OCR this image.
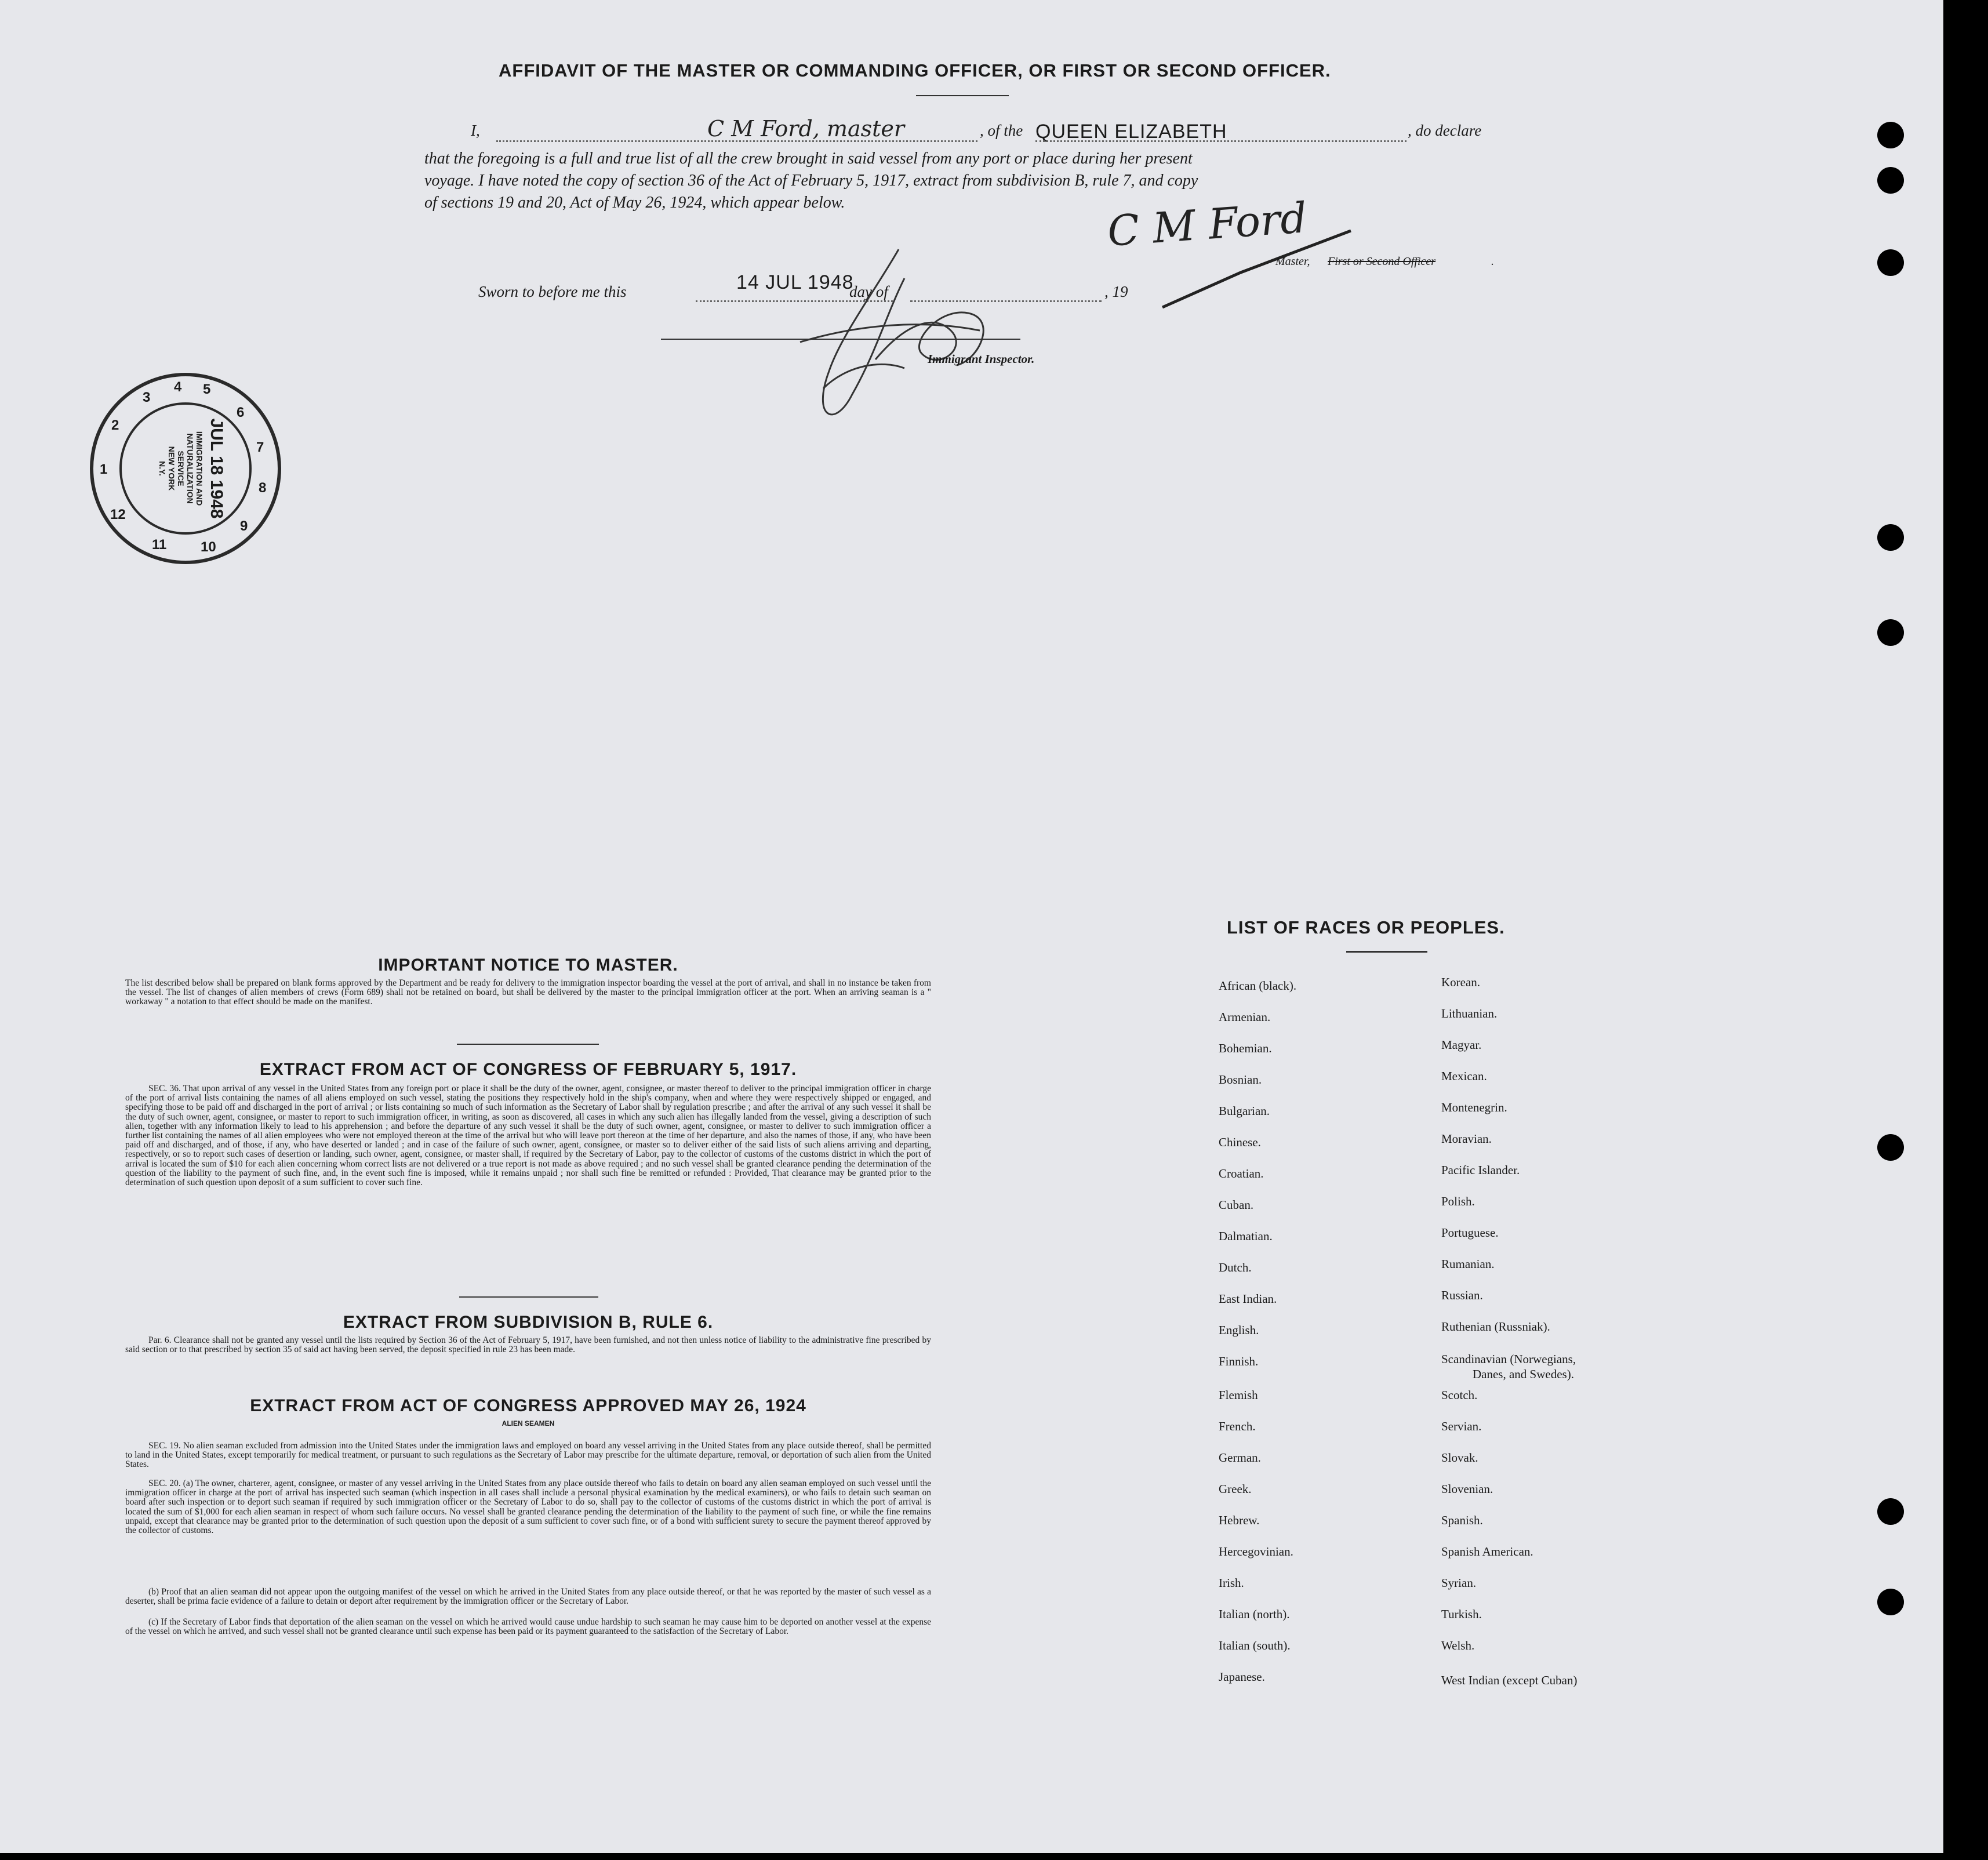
AFFIDAVIT OF THE MASTER OR COMMANDING OFFICER, OR FIRST OR SECOND OFFICER.
I,	C M Ford, master	, of the QUEEN ELIZABETH	, do declare
that the foregoing is a full and true list of all the crew brought in said vessel from any port or place during her present
voyage. I have noted the copy of section 36 of the Act of February 5, 1917, extract from subdivision B, rule 7, and copy
of sections 19 and 20, Act of May 26, 1924, which appear below.	C M Ford
Master, First or Second Officer	.
Sworn to before me this	14 JUL 1948
day of	, 19
Immigrant Inspector.
5
6
7
8
9
10
11
12
1
2
3
4
JUL 18 1948
IMMIGRATION AND
NATURALIZATION
SERVICE
NEW YORK
N.Y.
IMPORTANT NOTICE TO MASTER.
The list described below shall be prepared on blank forms approved by the Department and be ready for delivery to the immigration inspector boarding the vessel at the port of arrival, and shall in no instance be taken from the vessel. The list of changes of alien members of crews (Form 689) shall not be retained on board, but shall be delivered by the master to the principal immigration officer at the port. When an arriving seaman is a " workaway " a notation to that effect should be made on the manifest.
EXTRACT FROM ACT OF CONGRESS OF FEBRUARY 5, 1917.
SEC. 36. That upon arrival of any vessel in the United States from any foreign port or place it shall be the duty of the owner, agent, consignee, or master thereof to deliver to the principal immigration officer in charge of the port of arrival lists containing the names of all aliens employed on such vessel, stating the positions they respectively hold in the ship's company, when and where they were respectively shipped or engaged, and specifying those to be paid off and discharged in the port of arrival ; or lists containing so much of such information as the Secretary of Labor shall by regulation prescribe ; and after the arrival of any such vessel it shall be the duty of such owner, agent, consignee, or master to report to such immigration officer, in writing, as soon as discovered, all cases in which any such alien has illegally landed from the vessel, giving a description of such alien, together with any information likely to lead to his apprehension ; and before the departure of any such vessel it shall be the duty of such owner, agent, consignee, or master to deliver to such immigration officer a further list containing the names of all alien employees who were not employed thereon at the time of the arrival but who will leave port thereon at the time of her departure, and also the names of those, if any, who have been paid off and discharged, and of those, if any, who have deserted or landed ; and in case of the failure of such owner, agent, consignee, or master so to deliver either of the said lists of such aliens arriving and departing, respectively, or so to report such cases of desertion or landing, such owner, agent, consignee, or master shall, if required by the Secretary of Labor, pay to the collector of customs of the customs district in which the port of arrival is located the sum of $10 for each alien concerning whom correct lists are not delivered or a true report is not made as above required ; and no such vessel shall be granted clearance pending the determination of the question of the liability to the payment of such fine, and, in the event such fine is imposed, while it remains unpaid ; nor shall such fine be remitted or refunded : Provided, That clearance may be granted prior to the determination of such question upon deposit of a sum sufficient to cover such fine.
EXTRACT FROM SUBDIVISION B, RULE 6.
Par. 6. Clearance shall not be granted any vessel until the lists required by Section 36 of the Act of February 5, 1917, have been furnished, and not then unless notice of liability to the administrative fine prescribed by said section or to that prescribed by section 35 of said act having been served, the deposit specified in rule 23 has been made.
EXTRACT FROM ACT OF CONGRESS APPROVED MAY 26, 1924
ALIEN SEAMEN
SEC. 19. No alien seaman excluded from admission into the United States under the immigration laws and employed on board any vessel arriving in the United States from any place outside thereof, shall be permitted to land in the United States, except temporarily for medical treatment, or pursuant to such regulations as the Secretary of Labor may prescribe for the ultimate departure, removal, or deportation of such alien from the United States.
SEC. 20. (a) The owner, charterer, agent, consignee, or master of any vessel arriving in the United States from any place outside thereof who fails to detain on board any alien seaman employed on such vessel until the immigration officer in charge at the port of arrival has inspected such seaman (which inspection in all cases shall include a personal physical examination by the medical examiners), or who fails to detain such seaman on board after such inspection or to deport such seaman if required by such immigration officer or the Secretary of Labor to do so, shall pay to the collector of customs of the customs district in which the port of arrival is located the sum of $1,000 for each alien seaman in respect of whom such failure occurs. No vessel shall be granted clearance pending the determination of the liability to the payment of such fine, or while the fine remains unpaid, except that clearance may be granted prior to the determination of such question upon the deposit of a sum sufficient to cover such fine, or of a bond with sufficient surety to secure the payment thereof approved by the collector of customs.
(b) Proof that an alien seaman did not appear upon the outgoing manifest of the vessel on which he arrived in the United States from any place outside thereof, or that he was reported by the master of such vessel as a deserter, shall be prima facie evidence of a failure to detain or deport after requirement by the immigration officer or the Secretary of Labor.
(c) If the Secretary of Labor finds that deportation of the alien seaman on the vessel on which he arrived would cause undue hardship to such seaman he may cause him to be deported on another vessel at the expense of the vessel on which he arrived, and such vessel shall not be granted clearance until such expense has been paid or its payment guaranteed to the satisfaction of the Secretary of Labor.
LIST OF RACES OR PEOPLES.
Danes, and Swedes).
African (black).
Armenian.
Bohemian.
Bosnian.
Bulgarian.
Chinese.
Croatian.
Cuban.
Dalmatian.
Dutch.
East Indian.
English.
Finnish.
Flemish
French.
German.
Greek.
Hebrew.
Hercegovinian.
Irish.
Italian (north).
Italian (south).
Japanese.
Korean.
Lithuanian.
Magyar.
Mexican.
Montenegrin.
Moravian.
Pacific Islander.
Polish.
Portuguese.
Rumanian.
Russian.
Ruthenian (Russniak).
Scandinavian (Norwegians,
Scotch.
Servian.
Slovak.
Slovenian.
Spanish.
Spanish American.
Syrian.
Turkish.
Welsh.
West Indian (except Cuban)
